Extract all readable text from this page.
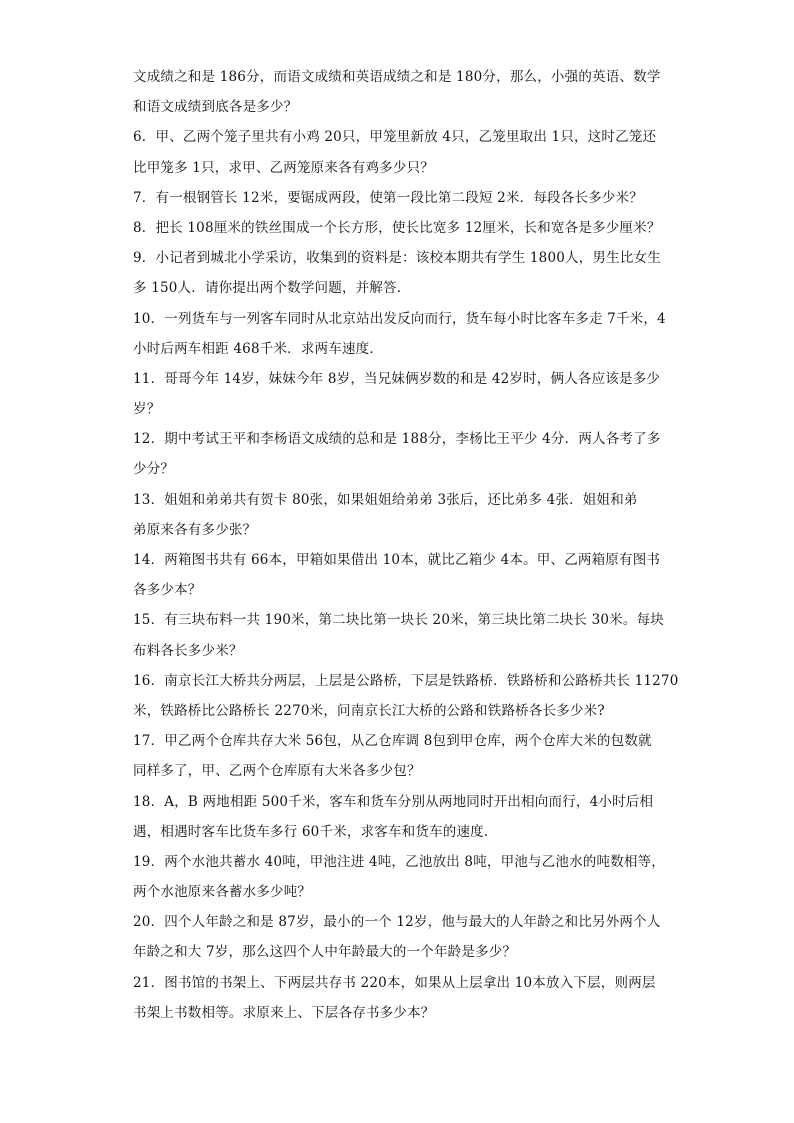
文成绩之和是 186分，而语文成绩和英语成绩之和是 180分，那么，小强的英语、数学
和语文成绩到底各是多少？
6．甲、乙两个笼子里共有小鸡 20只，甲笼里新放 4只，乙笼里取出 1只，这时乙笼还
比甲笼多 1只，求甲、乙两笼原来各有鸡多少只？
7．有一根钢管长 12米，要锯成两段，使第一段比第二段短 2米．每段各长多少米？
8．把长 108厘米的铁丝围成一个长方形，使长比宽多 12厘米，长和宽各是多少厘米？
9．小记者到城北小学采访，收集到的资料是：该校本期共有学生 1800人，男生比女生
多 150人．请你提出两个数学问题，并解答．
10．一列货车与一列客车同时从北京站出发反向而行，货车每小时比客车多走 7千米，4
小时后两车相距 468千米．求两车速度．
11．哥哥今年 14岁，妹妹今年 8岁，当兄妹俩岁数的和是 42岁时，俩人各应该是多少
岁？
12．期中考试王平和李杨语文成绩的总和是 188分，李杨比王平少 4分．两人各考了多
少分？
13．姐姐和弟弟共有贺卡 80张，如果姐姐给弟弟 3张后，还比弟多 4张．姐姐和弟
弟原来各有多少张？
14．两箱图书共有 66本，甲箱如果借出 10本，就比乙箱少 4本。甲、乙两箱原有图书
各多少本？
15．有三块布料一共 190米，第二块比第一块长 20米，第三块比第二块长 30米。每块
布料各长多少米？
16．南京长江大桥共分两层，上层是公路桥，下层是铁路桥．铁路桥和公路桥共长 11270
米，铁路桥比公路桥长 2270米，问南京长江大桥的公路和铁路桥各长多少米?
17．甲乙两个仓库共存大米 56包，从乙仓库调 8包到甲仓库，两个仓库大米的包数就
同样多了，甲、乙两个仓库原有大米各多少包？
18．A，B 两地相距 500千米，客车和货车分别从两地同时开出相向而行，4小时后相
遇，相遇时客车比货车多行 60千米，求客车和货车的速度.
19．两个水池共蓄水 40吨，甲池注进 4吨，乙池放出 8吨，甲池与乙池水的吨数相等，
两个水池原来各蓄水多少吨？
20．四个人年龄之和是 87岁，最小的一个 12岁，他与最大的人年龄之和比另外两个人
年龄之和大 7岁，那么这四个人中年龄最大的一个年龄是多少？
21．图书馆的书架上、下两层共存书 220本，如果从上层拿出 10本放入下层，则两层
书架上书数相等。求原来上、下层各存书多少本？
